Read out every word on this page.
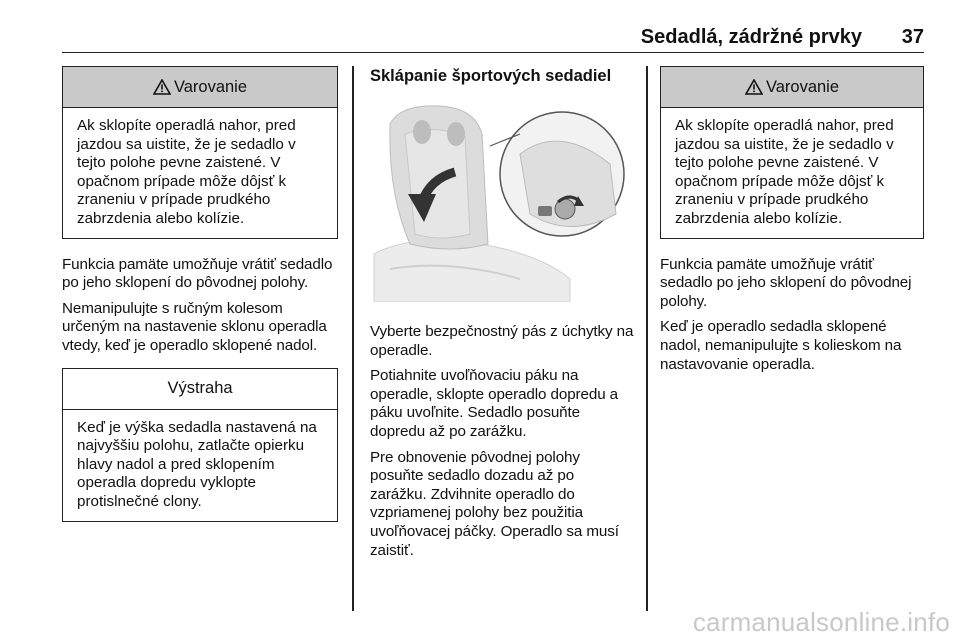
Sedadlá, zádržné prvky 37
Varovanie
Ak sklopíte operadlá nahor, pred jazdou sa uistite, že je sedadlo v tejto polohe pevne zaistené. V opačnom prípade môže dôjsť k zraneniu v prípade prudkého zabrzdenia alebo kolízie.

Funkcia pamäte umožňuje vrátiť sedadlo po jeho sklopení do pôvodnej polohy.

Nemanipulujte s ručným kolesom určeným na nastavenie sklonu operadla vtedy, keď je operadlo sklopené nadol.

Výstraha
Keď je výška sedadla nastavená na najvyššiu polohu, zatlačte opierku hlavy nadol a pred sklopením operadla dopredu vyklopte protislnečné clony.
Sklápanie športových sedadiel

Vyberte bezpečnostný pás z úchytky na operadle.

Potiahnite uvoľňovaciu páku na operadle, sklopte operadlo dopredu a páku uvoľnite. Sedadlo posuňte dopredu až po zarážku.

Pre obnovenie pôvodnej polohy posuňte sedadlo dozadu až po zarážku. Zdvihnite operadlo do vzpriamenej polohy bez použitia uvoľňovacej páčky. Operadlo sa musí zaistiť.

Varovanie
Ak sklopíte operadlá nahor, pred jazdou sa uistite, že je sedadlo v tejto polohe pevne zaistené. V opačnom prípade môže dôjsť k zraneniu v prípade prudkého zabrzdenia alebo kolízie.

Funkcia pamäte umožňuje vrátiť sedadlo po jeho sklopení do pôvodnej polohy.

Keď je operadlo sedadla sklopené nadol, nemanipulujte s kolieskom na nastavovanie operadla.

carmanualsonline.info
